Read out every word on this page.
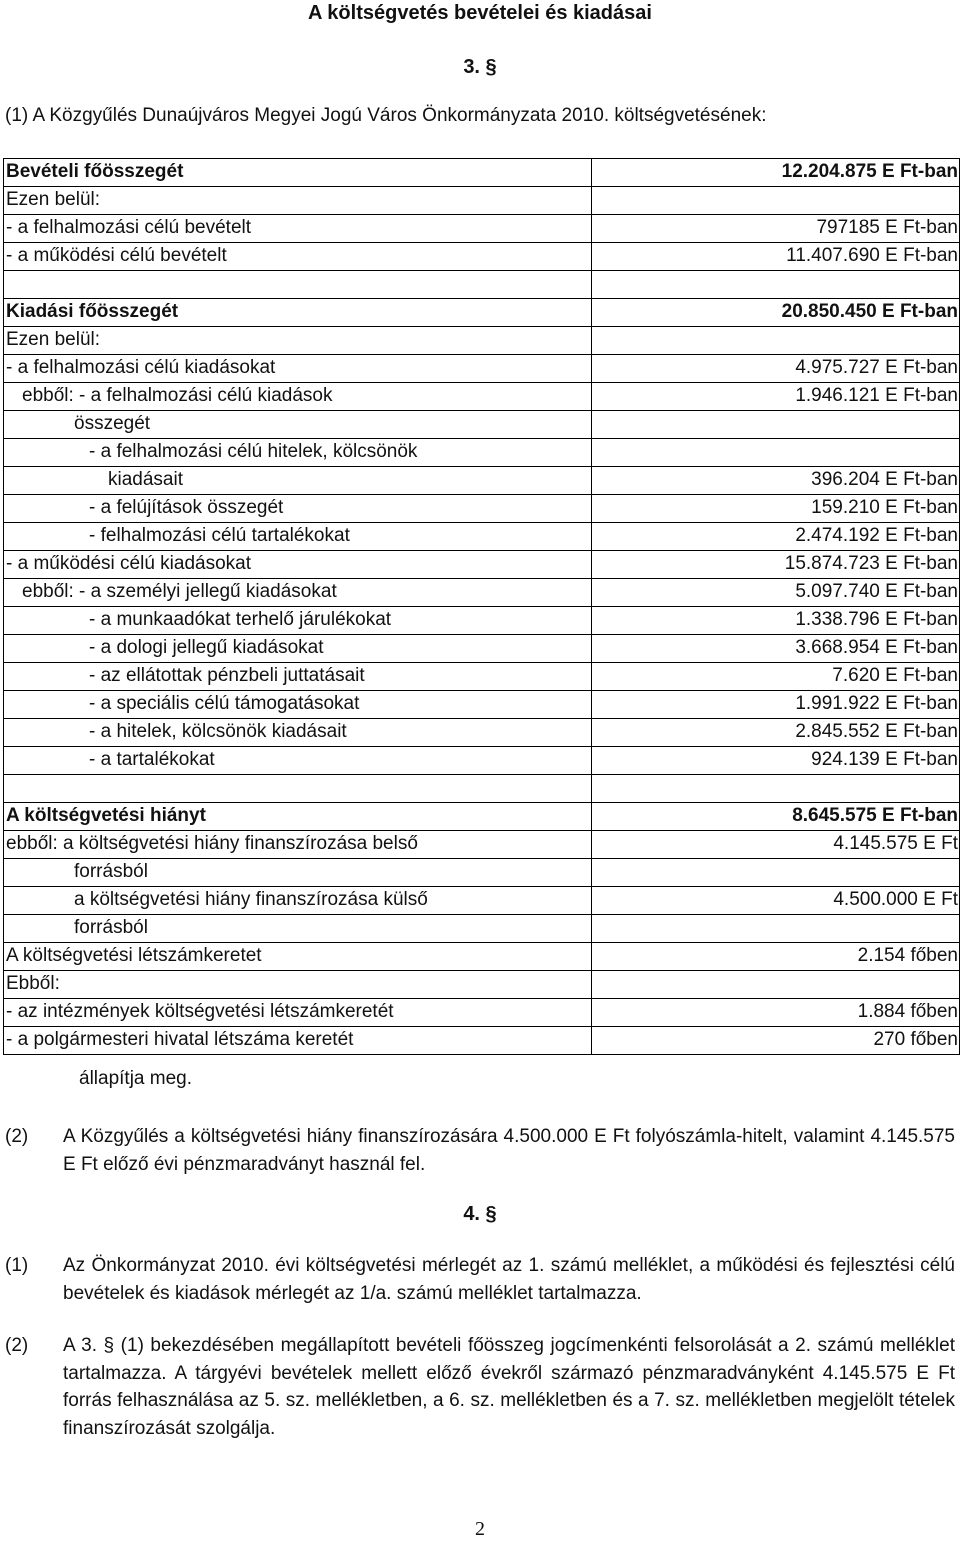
A költségvetés bevételei és kiadásai
3. §
(1) A Közgyűlés Dunaújváros Megyei Jogú Város Önkormányzata 2010. költségvetésének:
Bevételi főösszegét	12.204.875 E Ft-ban
Ezen belül:	
- a felhalmozási célú bevételt	797185 E Ft-ban
- a működési célú bevételt	11.407.690 E Ft-ban

Kiadási főösszegét	20.850.450 E Ft-ban
Ezen belül:	
- a felhalmozási célú kiadásokat	4.975.727 E Ft-ban
ebből: - a felhalmozási célú kiadások	1.946.121 E Ft-ban
összegét	
- a felhalmozási célú hitelek, kölcsönök	
kiadásait	396.204 E Ft-ban
- a felújítások összegét	159.210 E Ft-ban
- felhalmozási célú tartalékokat	2.474.192 E Ft-ban
- a működési célú kiadásokat	15.874.723 E Ft-ban
ebből: - a személyi jellegű kiadásokat	5.097.740 E Ft-ban
- a munkaadókat terhelő járulékokat	1.338.796 E Ft-ban
- a dologi jellegű kiadásokat	3.668.954 E Ft-ban
- az ellátottak pénzbeli juttatásait	7.620 E Ft-ban
- a speciális célú támogatásokat	1.991.922 E Ft-ban
- a hitelek, kölcsönök kiadásait	2.845.552 E Ft-ban
- a tartalékokat	924.139 E Ft-ban

A költségvetési hiányt	8.645.575 E Ft-ban
ebből: a költségvetési hiány finanszírozása belső	4.145.575 E Ft
forrásból	
a költségvetési hiány finanszírozása külső	4.500.000 E Ft
forrásból	
A költségvetési létszámkeretet	2.154 főben
Ebből:	
- az intézmények költségvetési létszámkeretét	1.884 főben
- a polgármesteri hivatal létszáma keretét	270 főben
állapítja meg.
(2) A Közgyűlés a költségvetési hiány finanszírozására 4.500.000 E Ft folyószámla-hitelt, valamint 4.145.575 E Ft előző évi pénzmaradványt használ fel.
4. §
(1) Az Önkormányzat 2010. évi költségvetési mérlegét az 1. számú melléklet, a működési és fejlesztési célú bevételek és kiadások mérlegét az 1/a. számú melléklet tartalmazza.
(2) A 3. § (1) bekezdésében megállapított bevételi főösszeg jogcímenkénti felsorolását a 2. számú melléklet tartalmazza. A tárgyévi bevételek mellett előző évekről származó pénzmaradványként 4.145.575 E Ft forrás felhasználása az 5. sz. mellékletben, a 6. sz. mellékletben és a 7. sz. mellékletben megjelölt tételek finanszírozását szolgálja.
2
